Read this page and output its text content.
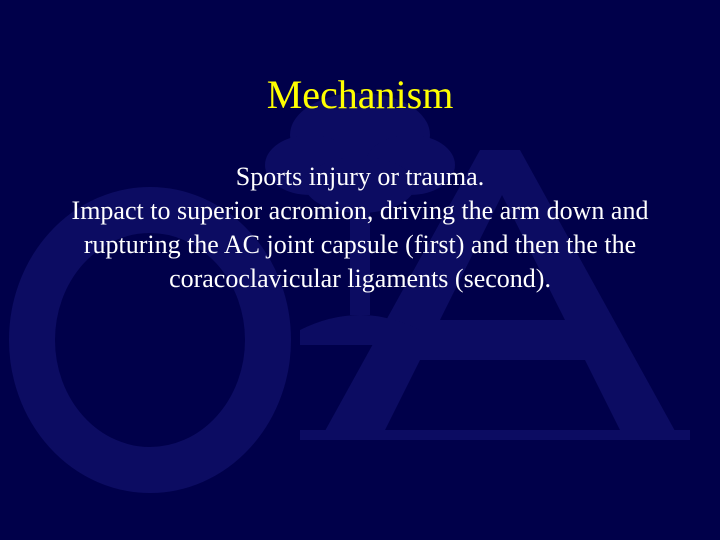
Mechanism
Sports injury or trauma.
Impact to superior acromion, driving the arm down and rupturing the AC joint capsule (first) and then the the coracoclavicular ligaments (second).
